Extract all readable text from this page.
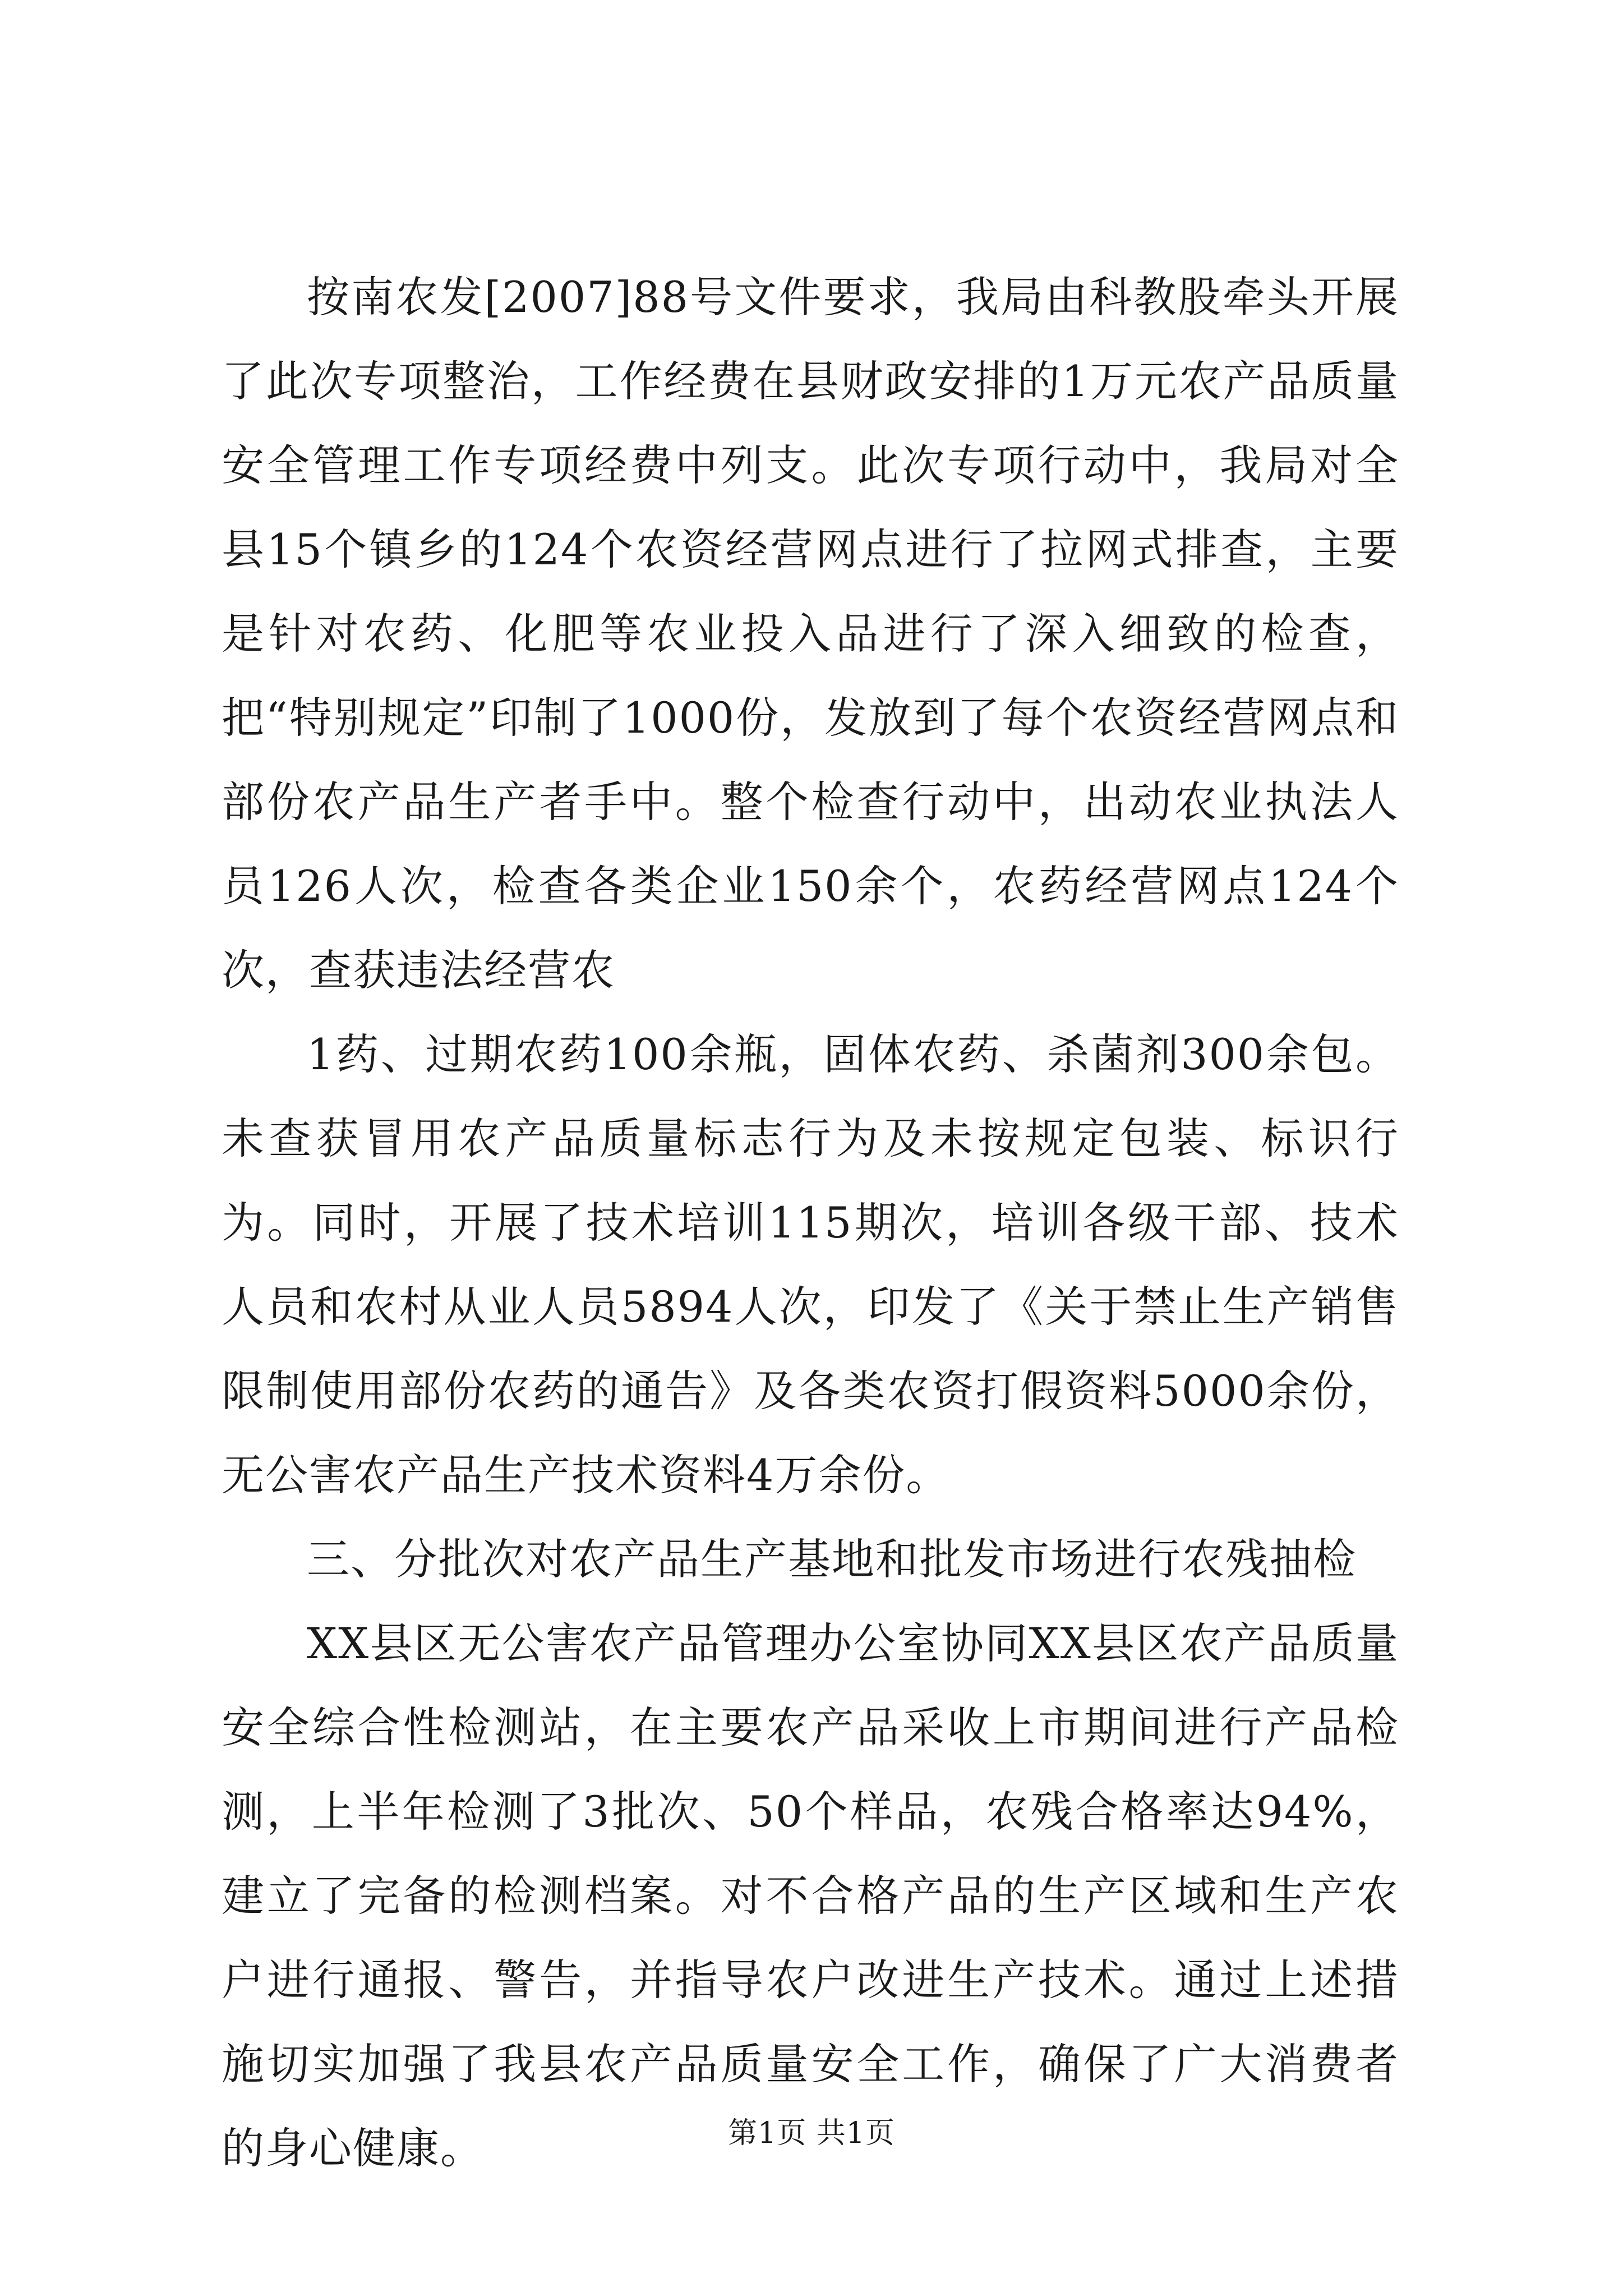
按南农发[2007]88号文件要求，我局由科教股牵头开展了此次专项整治，工作经费在县财政安排的1万元农产品质量安全管理工作专项经费中列支。此次专项行动中，我局对全县15个镇乡的124个农资经营网点进行了拉网式排查，主要是针对农药、化肥等农业投入品进行了深入细致的检查，把“特别规定”印制了1000份，发放到了每个农资经营网点和部份农产品生产者手中。整个检查行动中，出动农业执法人员126人次，检查各类企业150余个，农药经营网点124个次，查获违法经营农

1药、过期农药100余瓶，固体农药、杀菌剂300余包。未查获冒用农产品质量标志行为及未按规定包装、标识行为。同时，开展了技术培训115期次，培训各级干部、技术人员和农村从业人员5894人次，印发了《关于禁止生产销售限制使用部份农药的通告》及各类农资打假资料5000余份，无公害农产品生产技术资料4万余份。

三、分批次对农产品生产基地和批发市场进行农残抽检

XX县区无公害农产品管理办公室协同XX县区农产品质量安全综合性检测站，在主要农产品采收上市期间进行产品检测，上半年检测了3批次、50个样品，农残合格率达94%，建立了完备的检测档案。对不合格产品的生产区域和生产农户进行通报、警告，并指导农户改进生产技术。通过上述措施切实加强了我县农产品质量安全工作，确保了广大消费者的身心健康。	第1页 共1页
